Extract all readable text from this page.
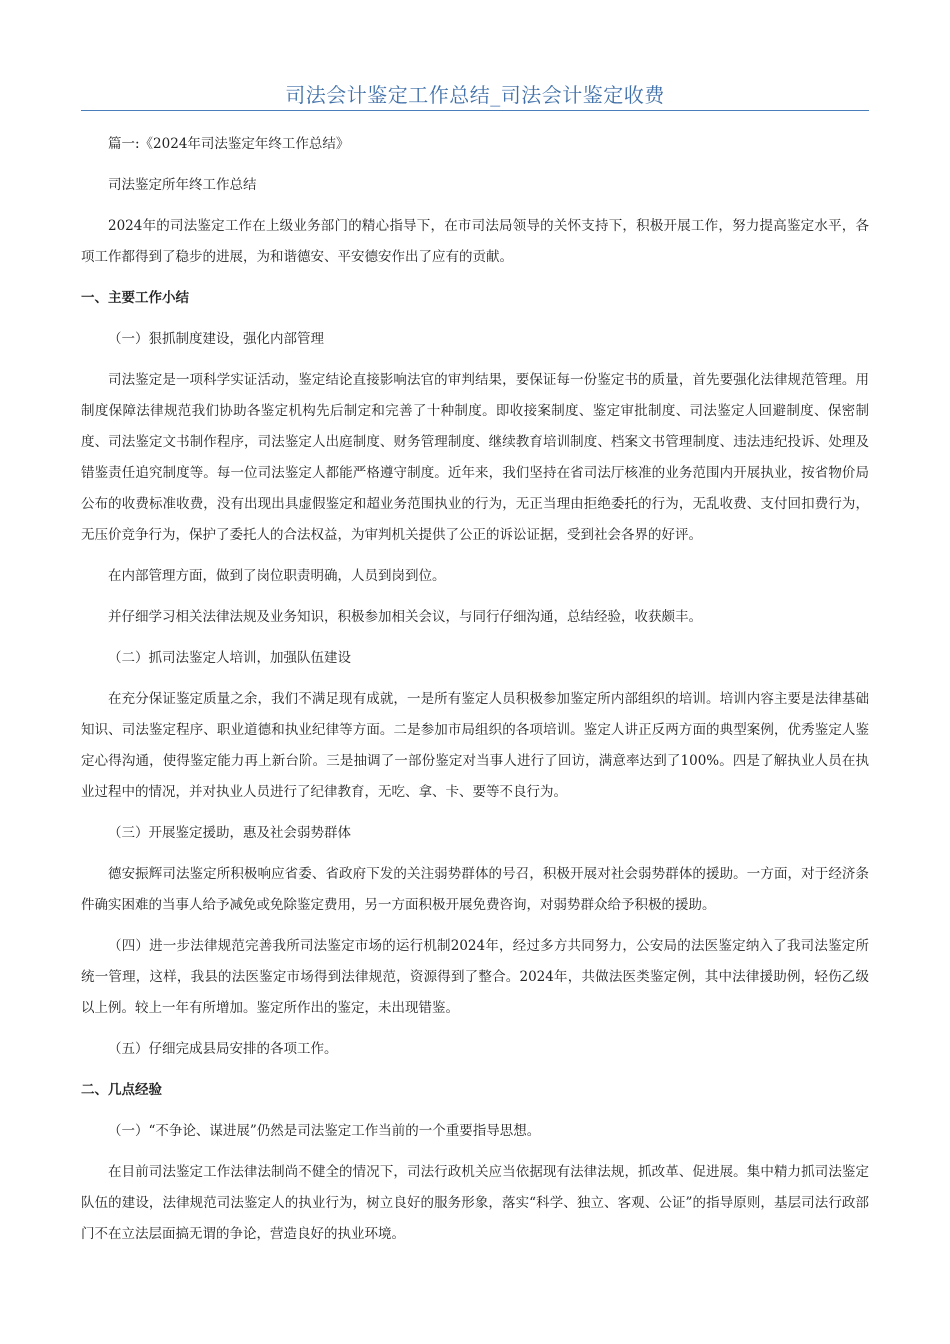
司法会计鉴定工作总结_司法会计鉴定收费
篇一:《2024年司法鉴定年终工作总结》
司法鉴定所年终工作总结
2024年的司法鉴定工作在上级业务部门的精心指导下，在市司法局领导的关怀支持下，积极开展工作，努力提高鉴定水平，各项工作都得到了稳步的进展，为和谐德安、平安德安作出了应有的贡献。
一、主要工作小结
（一）狠抓制度建设，强化内部管理
司法鉴定是一项科学实证活动，鉴定结论直接影响法官的审判结果，要保证每一份鉴定书的质量，首先要强化法律规范管理。用制度保障法律规范我们协助各鉴定机构先后制定和完善了十种制度。即收接案制度、鉴定审批制度、司法鉴定人回避制度、保密制度、司法鉴定文书制作程序，司法鉴定人出庭制度、财务管理制度、继续教育培训制度、档案文书管理制度、违法违纪投诉、处理及错鉴责任追究制度等。每一位司法鉴定人都能严格遵守制度。近年来，我们坚持在省司法厅核准的业务范围内开展执业，按省物价局公布的收费标准收费，没有出现出具虚假鉴定和超业务范围执业的行为，无正当理由拒绝委托的行为，无乱收费、支付回扣费行为，无压价竞争行为，保护了委托人的合法权益，为审判机关提供了公正的诉讼证据，受到社会各界的好评。
在内部管理方面，做到了岗位职责明确，人员到岗到位。
并仔细学习相关法律法规及业务知识，积极参加相关会议，与同行仔细沟通，总结经验，收获颇丰。
（二）抓司法鉴定人培训，加强队伍建设
在充分保证鉴定质量之余，我们不满足现有成就，一是所有鉴定人员积极参加鉴定所内部组织的培训。培训内容主要是法律基础知识、司法鉴定程序、职业道德和执业纪律等方面。二是参加市局组织的各项培训。鉴定人讲正反两方面的典型案例，优秀鉴定人鉴定心得沟通，使得鉴定能力再上新台阶。三是抽调了一部份鉴定对当事人进行了回访，满意率达到了100%。四是了解执业人员在执业过程中的情况，并对执业人员进行了纪律教育，无吃、拿、卡、要等不良行为。
（三）开展鉴定援助，惠及社会弱势群体
德安振辉司法鉴定所积极响应省委、省政府下发的关注弱势群体的号召，积极开展对社会弱势群体的援助。一方面，对于经济条件确实困难的当事人给予减免或免除鉴定费用，另一方面积极开展免费咨询，对弱势群众给予积极的援助。
（四）进一步法律规范完善我所司法鉴定市场的运行机制2024年，经过多方共同努力，公安局的法医鉴定纳入了我司法鉴定所统一管理，这样，我县的法医鉴定市场得到法律规范，资源得到了整合。2024年，共做法医类鉴定例，其中法律援助例，轻伤乙级以上例。较上一年有所增加。鉴定所作出的鉴定，未出现错鉴。
（五）仔细完成县局安排的各项工作。
二、几点经验
（一）“不争论、谋进展”仍然是司法鉴定工作当前的一个重要指导思想。
在目前司法鉴定工作法律法制尚不健全的情况下，司法行政机关应当依据现有法律法规，抓改革、促进展。集中精力抓司法鉴定队伍的建设，法律规范司法鉴定人的执业行为，树立良好的服务形象，落实“科学、独立、客观、公证”的指导原则，基层司法行政部门不在立法层面搞无谓的争论，营造良好的执业环境。
